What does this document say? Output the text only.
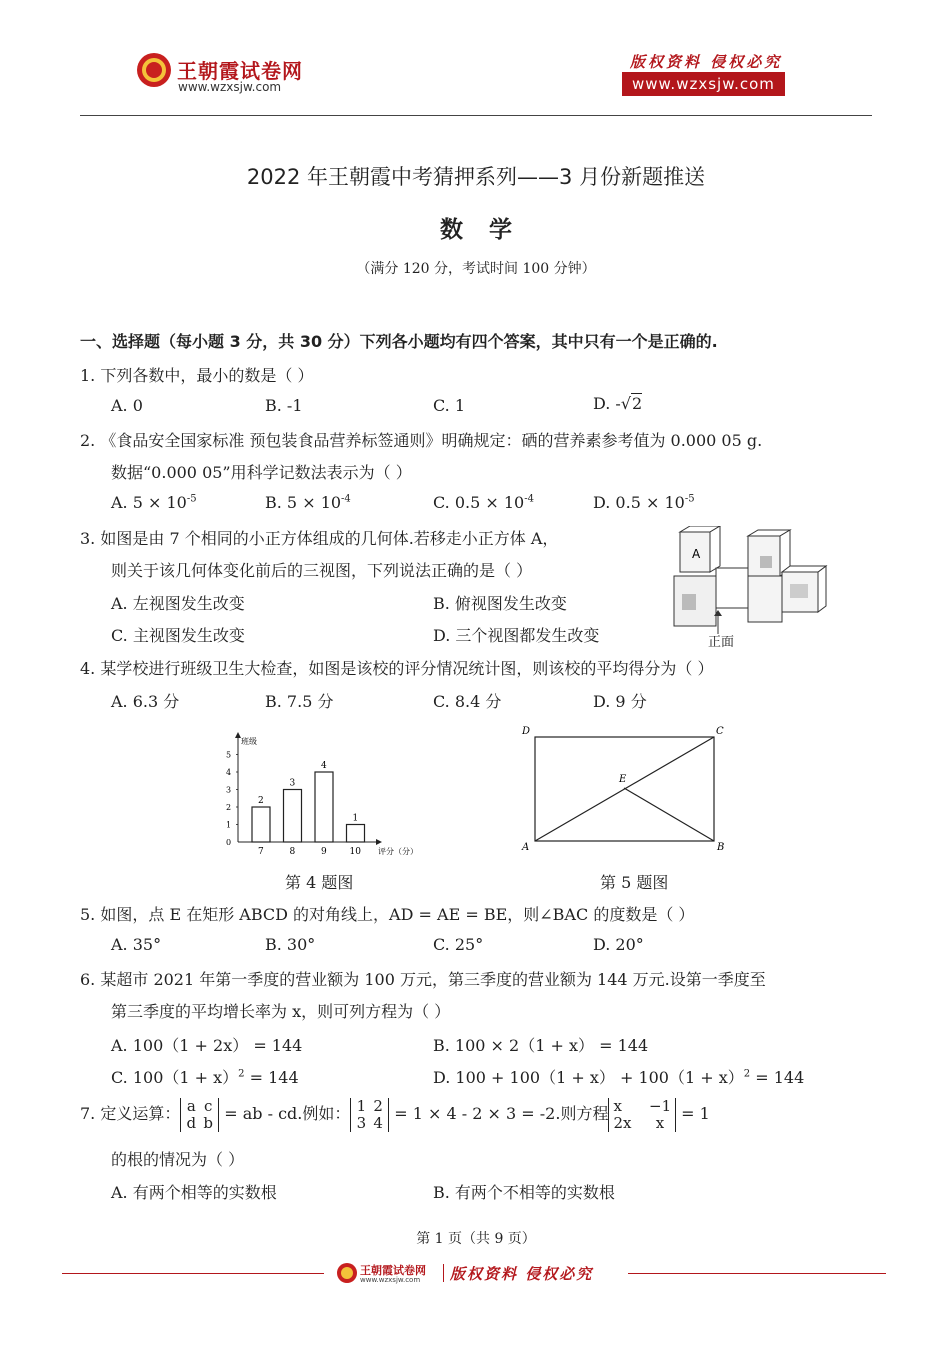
王朝霞试卷网
www.wzxsjw.com
版权资料 侵权必究
www.wzxsjw.com
2022 年王朝霞中考猜押系列——3 月份新题推送
数学
（满分 120 分，考试时间 100 分钟）
一、选择题（每小题 3 分，共 30 分）下列各小题均有四个答案，其中只有一个是正确的.
1. 下列各数中，最小的数是（ ）
A. 0	B. -1	C. 1	D. -√2
2. 《食品安全国家标准 预包装食品营养标签通则》明确规定：硒的营养素参考值为 0.000 05 g.
数据“0.000 05”用科学记数法表示为（ ）
A. $5 \times 10^{-5}$	B. $5 \times 10^{-4}$	C. $0.5 \times 10^{-4}$	D. $0.5 \times 10^{-5}$
3. 如图是由 7 个相同的小正方体组成的几何体.若移走小正方体 A，
则关于该几何体变化前后的三视图，下列说法正确的是（ ）
A. 左视图发生改变	B. 俯视图发生改变
C. 主视图发生改变	D. 三个视图都发生改变
A
正面
4. 某学校进行班级卫生大检查，如图是该校的评分情况统计图，则该校的平均得分为（ ）
A. 6.3 分	B. 7.5 分	C. 8.4 分	D. 9 分
0
1
2
3
4
5
2
7
3
8
4
9
1
10
班级
评分（分）
第 4 题图
D	C
A	B
E
第 5 题图
5. 如图，点 E 在矩形 ABCD 的对角线上，AD = AE = BE，则∠BAC 的度数是（ ）
A. 35°	B. 30°	C. 25°	D. 20°
6. 某超市 2021 年第一季度的营业额为 100 万元，第三季度的营业额为 144 万元.设第一季度至
第三季度的平均增长率为 x，则可列方程为（ ）
A. 100（1 + 2x） = 144	B. 100 × 2（1 + x） = 144
C. $100(1 + x)^2 = 144$	D. $100 + 100(1 + x) + 100(1 + x)^2 = 144$
7. 定义运算： a c
d b = ab - cd.例如： 1 2
3 4 = 1 × 4 - 2 × 3 = -2.则方程 x −1
2x x = 1
的根的情况为（ ）
A. 有两个相等的实数根	B. 有两个不相等的实数根
第 1 页（共 9 页）
王朝霞试卷网
www.wzxsjw.com 版权资料 侵权必究
